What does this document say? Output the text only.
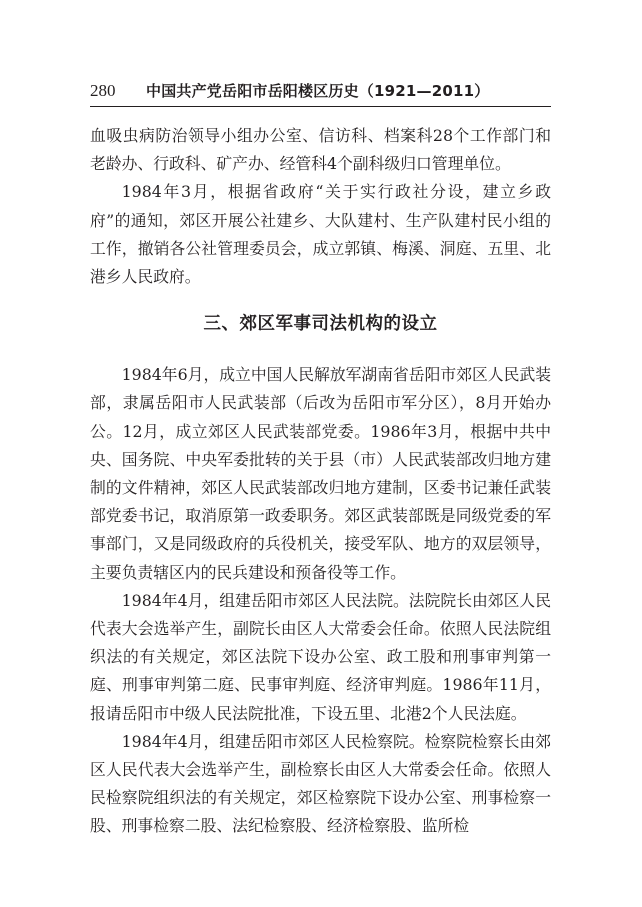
280	中国共产党岳阳市岳阳楼区历史（1921—2011）

血吸虫病防治领导小组办公室、信访科、档案科28个工作部门和老龄办、行政科、矿产办、经管科4个副科级归口管理单位。

1984年3月，根据省政府“关于实行政社分设，建立乡政府”的通知，郊区开展公社建乡、大队建村、生产队建村民小组的工作，撤销各公社管理委员会，成立郭镇、梅溪、洞庭、五里、北港乡人民政府。

三、郊区军事司法机构的设立

1984年6月，成立中国人民解放军湖南省岳阳市郊区人民武装部，隶属岳阳市人民武装部（后改为岳阳市军分区），8月开始办公。12月，成立郊区人民武装部党委。1986年3月，根据中共中央、国务院、中央军委批转的关于县（市）人民武装部改归地方建制的文件精神，郊区人民武装部改归地方建制，区委书记兼任武装部党委书记，取消原第一政委职务。郊区武装部既是同级党委的军事部门，又是同级政府的兵役机关，接受军队、地方的双层领导，主要负责辖区内的民兵建设和预备役等工作。

1984年4月，组建岳阳市郊区人民法院。法院院长由郊区人民代表大会选举产生，副院长由区人大常委会任命。依照人民法院组织法的有关规定，郊区法院下设办公室、政工股和刑事审判第一庭、刑事审判第二庭、民事审判庭、经济审判庭。1986年11月，报请岳阳市中级人民法院批准，下设五里、北港2个人民法庭。

1984年4月，组建岳阳市郊区人民检察院。检察院检察长由郊区人民代表大会选举产生，副检察长由区人大常委会任命。依照人民检察院组织法的有关规定，郊区检察院下设办公室、刑事检察一股、刑事检察二股、法纪检察股、经济检察股、监所检
